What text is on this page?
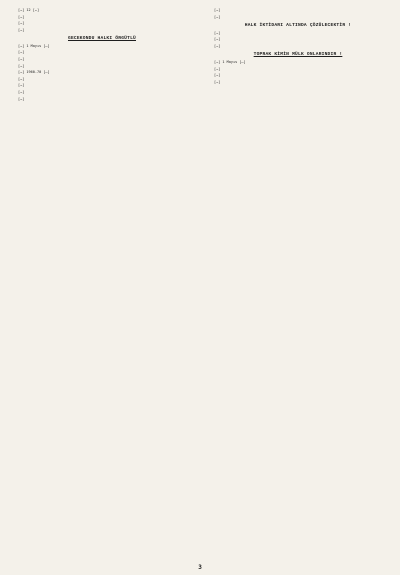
[…] 12 […]

[…]

[…]

[…]

GECEKONDU HALKI ÖRGÜTLÜ

[…] 1 Mayıs […]

[…]

[…]

[…]

[…] 1960-70 […]

[…]

[…]

[…]

[…]

[…]

[…]

HALK İKTİDARI ALTINDA ÇÖZÜLECEKTİR !

[…]

[…]

[…]

TOPRAK KİMİN MÜLK ONLARINDIR !

[…] 1 Mayıs […]

[…]

[…]

[…]

3
